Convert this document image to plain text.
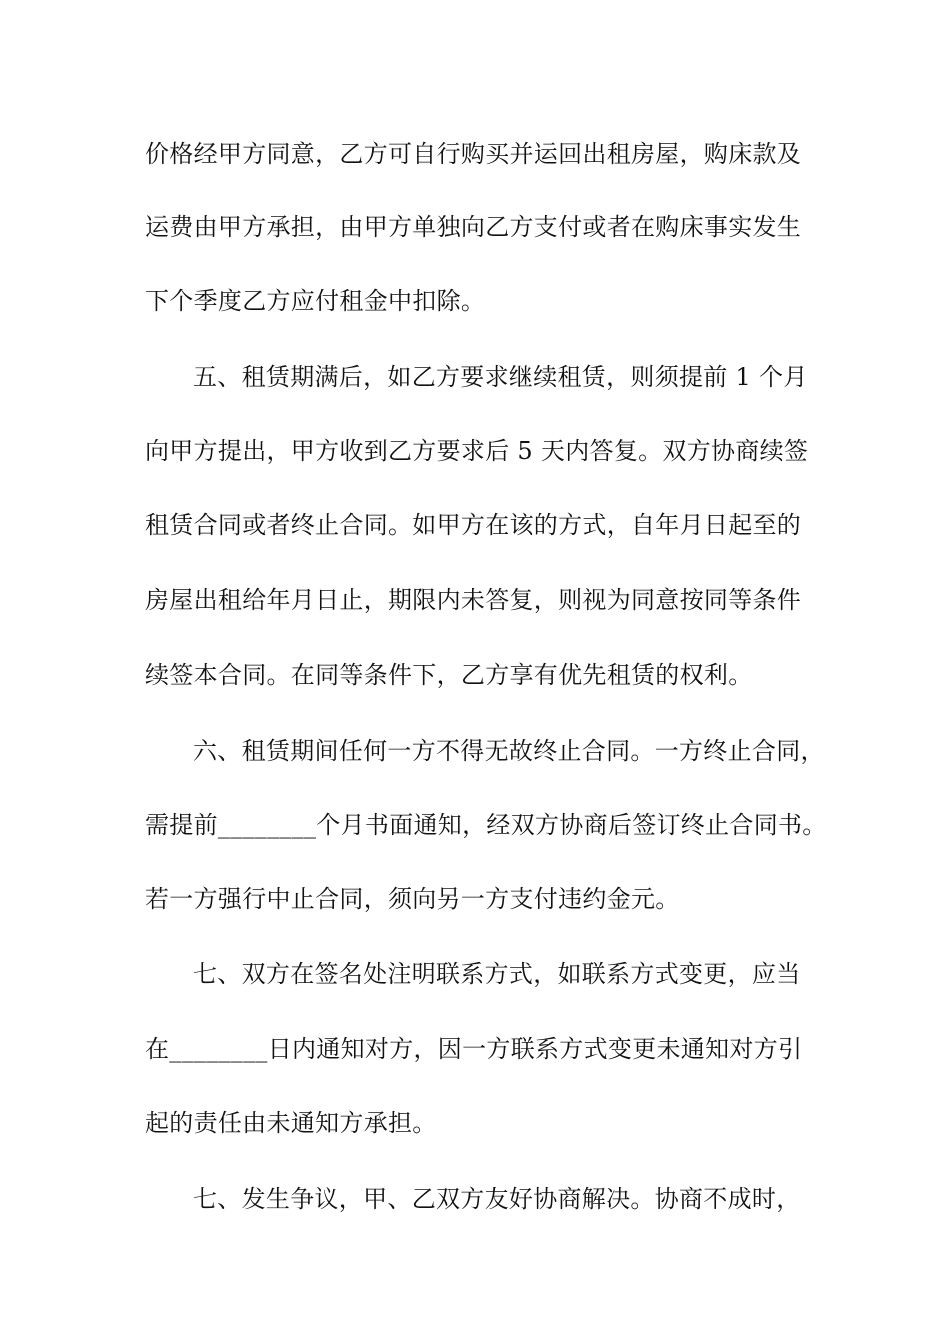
价格经甲方同意，乙方可自行购买并运回出租房屋，购床款及
运费由甲方承担，由甲方单独向乙方支付或者在购床事实发生
下个季度乙方应付租金中扣除。
五、租赁期满后，如乙方要求继续租赁，则须提前 1 个月
向甲方提出，甲方收到乙方要求后 5 天内答复。双方协商续签
租赁合同或者终止合同。如甲方在该的方式，自年月日起至的
房屋出租给年月日止，期限内未答复，则视为同意按同等条件
续签本合同。在同等条件下，乙方享有优先租赁的权利。
六、租赁期间任何一方不得无故终止合同。一方终止合同，
需提前________个月书面通知，经双方协商后签订终止合同书。
若一方强行中止合同，须向另一方支付违约金元。
七、双方在签名处注明联系方式，如联系方式变更，应当
在________日内通知对方，因一方联系方式变更未通知对方引
起的责任由未通知方承担。
七、发生争议，甲、乙双方友好协商解决。协商不成时，
